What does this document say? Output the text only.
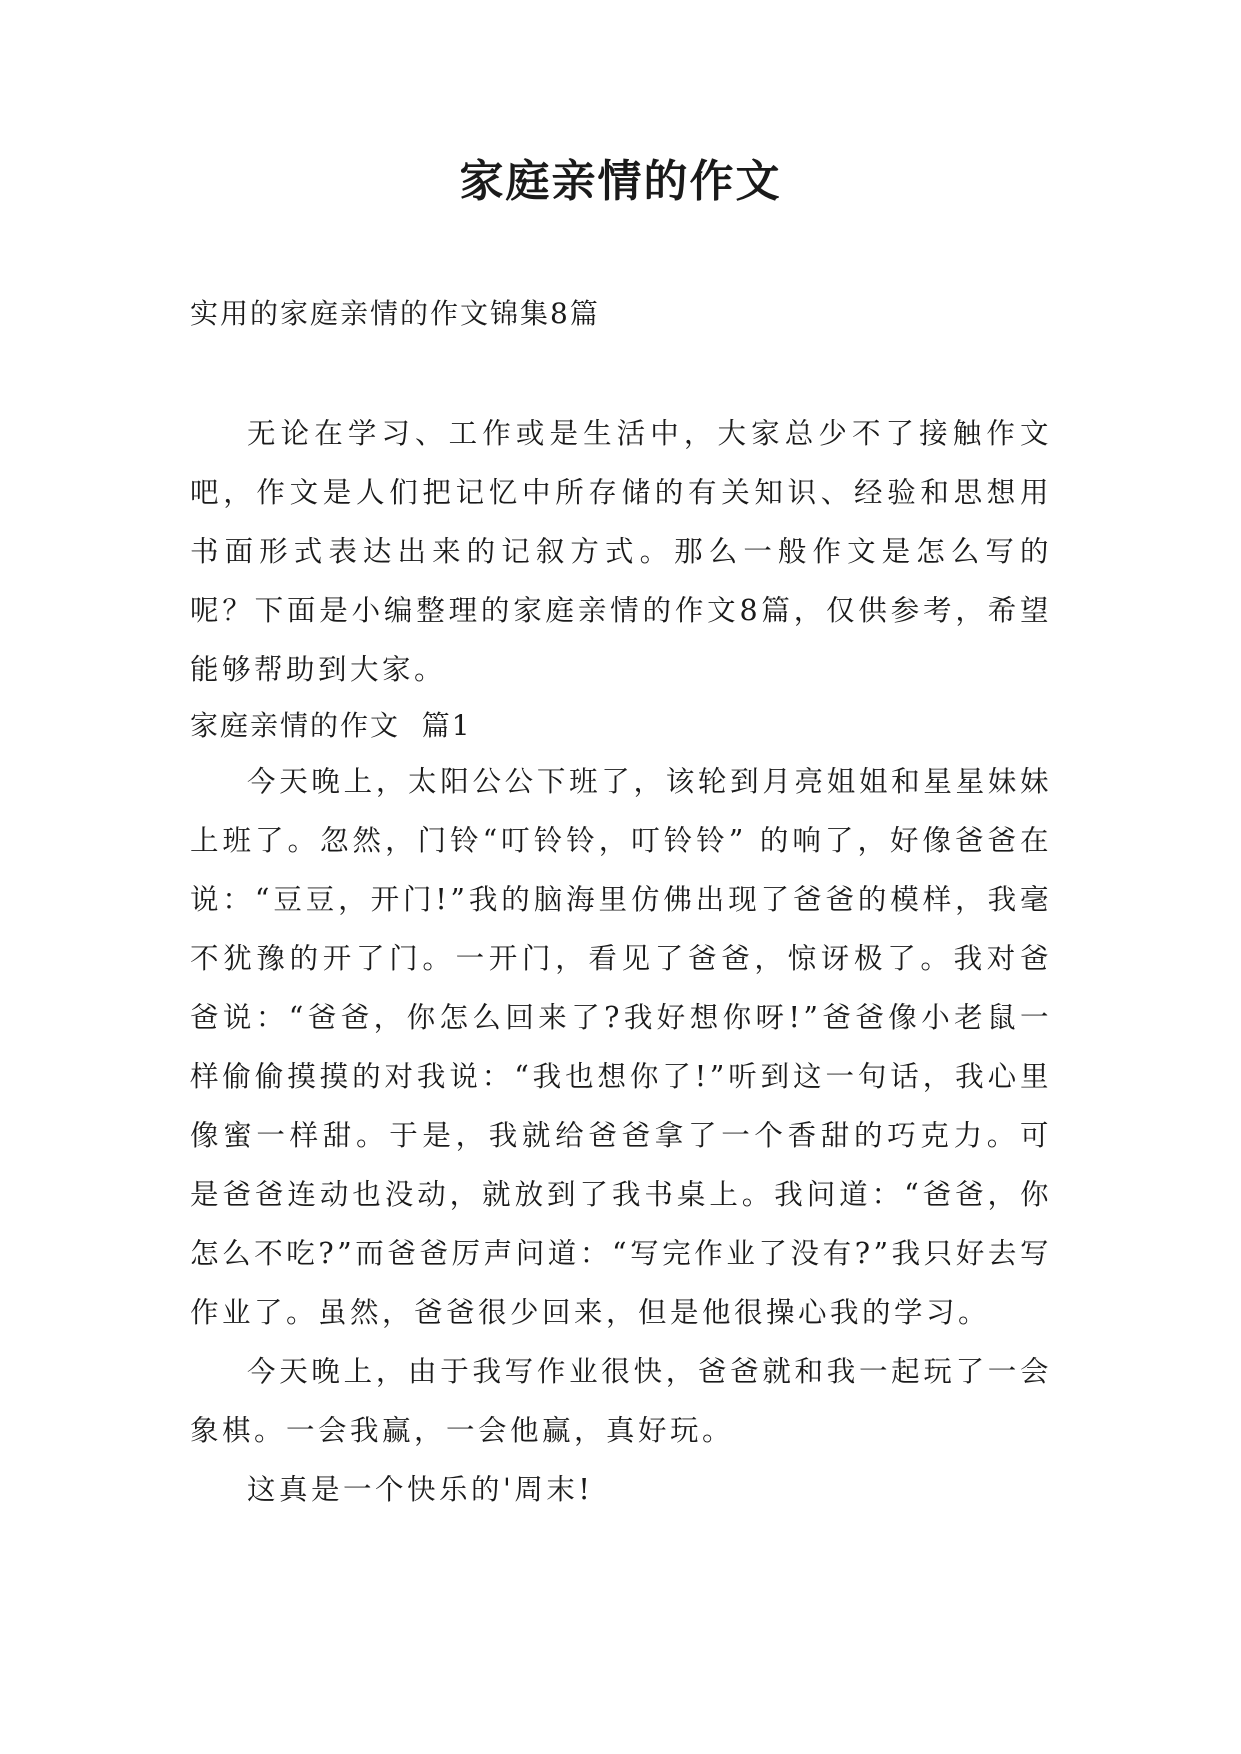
家庭亲情的作文
实用的家庭亲情的作文锦集8篇

无论在学习、工作或是生活中，大家总少不了接触作文吧，作文是人们把记忆中所存储的有关知识、经验和思想用书面形式表达出来的记叙方式。那么一般作文是怎么写的呢？下面是小编整理的家庭亲情的作文8篇，仅供参考，希望能够帮助到大家。

家庭亲情的作文  篇1

今天晚上，太阳公公下班了，该轮到月亮姐姐和星星妹妹上班了。忽然，门铃“叮铃铃，叮铃铃” 的响了，好像爸爸在说：“豆豆，开门!”我的脑海里仿佛出现了爸爸的模样，我毫不犹豫的开了门。一开门，看见了爸爸，惊讶极了。我对爸爸说：“爸爸，你怎么回来了?我好想你呀!”爸爸像小老鼠一样偷偷摸摸的对我说：“我也想你了!”听到这一句话，我心里像蜜一样甜。于是，我就给爸爸拿了一个香甜的巧克力。可是爸爸连动也没动，就放到了我书桌上。我问道：“爸爸，你怎么不吃?”而爸爸厉声问道：“写完作业了没有?”我只好去写作业了。虽然，爸爸很少回来，但是他很操心我的学习。

今天晚上，由于我写作业很快，爸爸就和我一起玩了一会象棋。一会我赢，一会他赢，真好玩。

这真是一个快乐的'周末!
